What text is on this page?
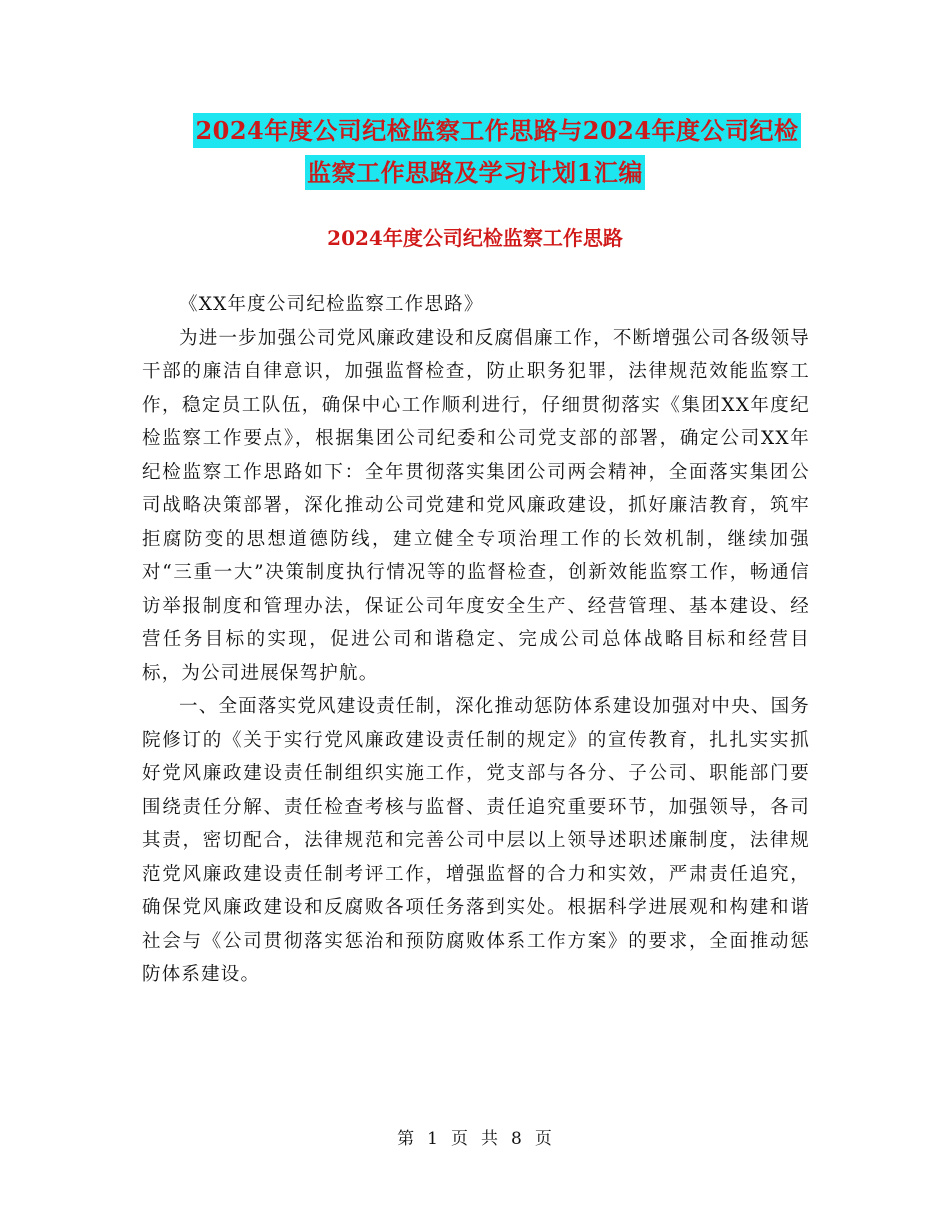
2024年度公司纪检监察工作思路与2024年度公司纪检
监察工作思路及学习计划1汇编
2024年度公司纪检监察工作思路

《XX年度公司纪检监察工作思路》

为进一步加强公司党风廉政建设和反腐倡廉工作，不断增强公司各级领导干部的廉洁自律意识，加强监督检查，防止职务犯罪，法律规范效能监察工作，稳定员工队伍，确保中心工作顺利进行，仔细贯彻落实《集团XX年度纪检监察工作要点》，根据集团公司纪委和公司党支部的部署，确定公司XX年纪检监察工作思路如下：全年贯彻落实集团公司两会精神，全面落实集团公司战略决策部署，深化推动公司党建和党风廉政建设，抓好廉洁教育，筑牢拒腐防变的思想道德防线，建立健全专项治理工作的长效机制，继续加强对“三重一大”决策制度执行情况等的监督检查，创新效能监察工作，畅通信访举报制度和管理办法，保证公司年度安全生产、经营管理、基本建设、经营任务目标的实现，促进公司和谐稳定、完成公司总体战略目标和经营目标，为公司进展保驾护航。

一、全面落实党风建设责任制，深化推动惩防体系建设加强对中央、国务院修订的《关于实行党风廉政建设责任制的规定》的宣传教育，扎扎实实抓好党风廉政建设责任制组织实施工作，党支部与各分、子公司、职能部门要围绕责任分解、责任检查考核与监督、责任追究重要环节，加强领导，各司其责，密切配合，法律规范和完善公司中层以上领导述职述廉制度，法律规范党风廉政建设责任制考评工作，增强监督的合力和实效，严肃责任追究，确保党风廉政建设和反腐败各项任务落到实处。根据科学进展观和构建和谐社会与《公司贯彻落实惩治和预防腐败体系工作方案》的要求，全面推动惩防体系建设。

第 1 页 共 8 页
